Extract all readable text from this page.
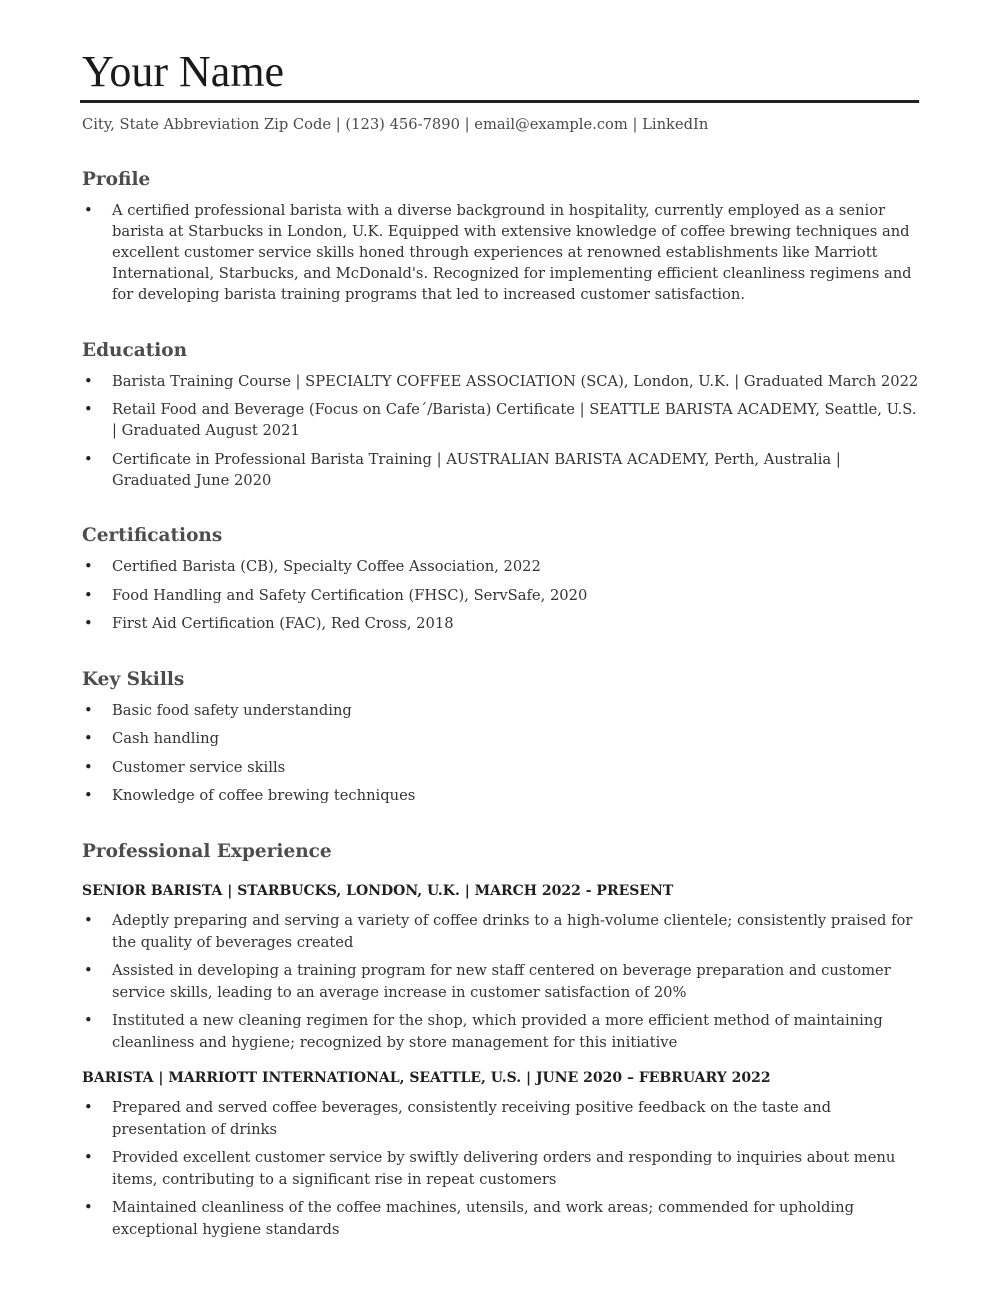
Your Name
City, State Abbreviation Zip Code | (123) 456-7890 | email@example.com | LinkedIn
Profile
• A certified professional barista with a diverse background in hospitality, currently employed as a senior barista at Starbucks in London, U.K. Equipped with extensive knowledge of coffee brewing techniques and excellent customer service skills honed through experiences at renowned establishments like Marriott International, Starbucks, and McDonald's. Recognized for implementing efficient cleanliness regimens and for developing barista training programs that led to increased customer satisfaction.
Education
• Barista Training Course | SPECIALTY COFFEE ASSOCIATION (SCA), London, U.K. | Graduated March 2022
• Retail Food and Beverage (Focus on Cafe´/Barista) Certificate | SEATTLE BARISTA ACADEMY, Seattle, U.S. | Graduated August 2021
• Certificate in Professional Barista Training | AUSTRALIAN BARISTA ACADEMY, Perth, Australia | Graduated June 2020
Certifications
• Certified Barista (CB), Specialty Coffee Association, 2022
• Food Handling and Safety Certification (FHSC), ServSafe, 2020
• First Aid Certification (FAC), Red Cross, 2018
Key Skills
• Basic food safety understanding
• Cash handling
• Customer service skills
• Knowledge of coffee brewing techniques
Professional Experience
SENIOR BARISTA | STARBUCKS, LONDON, U.K. | MARCH 2022 - PRESENT
• Adeptly preparing and serving a variety of coffee drinks to a high-volume clientele; consistently praised for the quality of beverages created
• Assisted in developing a training program for new staff centered on beverage preparation and customer service skills, leading to an average increase in customer satisfaction of 20%
• Instituted a new cleaning regimen for the shop, which provided a more efficient method of maintaining cleanliness and hygiene; recognized by store management for this initiative
BARISTA | MARRIOTT INTERNATIONAL, SEATTLE, U.S. | JUNE 2020 – FEBRUARY 2022
• Prepared and served coffee beverages, consistently receiving positive feedback on the taste and presentation of drinks
• Provided excellent customer service by swiftly delivering orders and responding to inquiries about menu items, contributing to a significant rise in repeat customers
• Maintained cleanliness of the coffee machines, utensils, and work areas; commended for upholding exceptional hygiene standards
